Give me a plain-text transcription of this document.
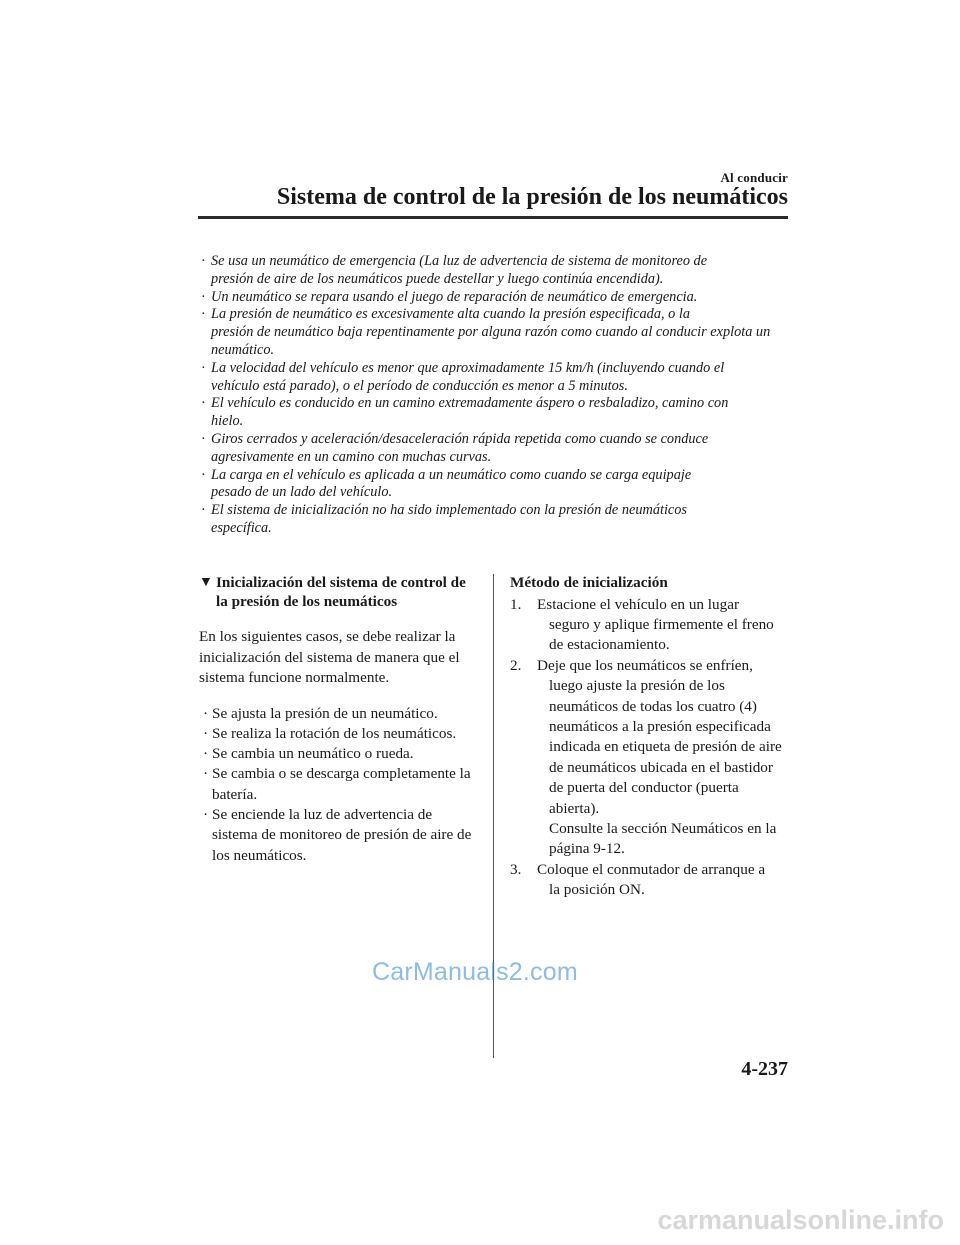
Al conducir
Sistema de control de la presión de los neumáticos
· Se usa un neumático de emergencia (La luz de advertencia de sistema de monitoreo de
presión de aire de los neumáticos puede destellar y luego continúa encendida).
· Un neumático se repara usando el juego de reparación de neumático de emergencia.
· La presión de neumático es excesivamente alta cuando la presión especificada, o la
presión de neumático baja repentinamente por alguna razón como cuando al conducir explota un neumático.
· La velocidad del vehículo es menor que aproximadamente 15 km/h (incluyendo cuando el
vehículo está parado), o el período de conducción es menor a 5 minutos.
· El vehículo es conducido en un camino extremadamente áspero o resbaladizo, camino con
hielo.
· Giros cerrados y aceleración/desaceleración rápida repetida como cuando se conduce
agresivamente en un camino con muchas curvas.
· La carga en el vehículo es aplicada a un neumático como cuando se carga equipaje
pesado de un lado del vehículo.
· El sistema de inicialización no ha sido implementado con la presión de neumáticos
específica.
▼ Inicialización del sistema de control de la presión de los neumáticos

En los siguientes casos, se debe realizar la inicialización del sistema de manera que el sistema funcione normalmente.

· Se ajusta la presión de un neumático.
· Se realiza la rotación de los neumáticos.
· Se cambia un neumático o rueda.
· Se cambia o se descarga completamente la batería.
· Se enciende la luz de advertencia de sistema de monitoreo de presión de aire de los neumáticos.
Método de inicialización
1.	Estacione el vehículo en un lugar
seguro y aplique firmemente el freno de estacionamiento.
2.	Deje que los neumáticos se enfríen,
luego ajuste la presión de los neumáticos de todas los cuatro (4) neumáticos a la presión especificada indicada en etiqueta de presión de aire de neumáticos ubicada en el bastidor de puerta del conductor (puerta abierta).
Consulte la sección Neumáticos en la página 9-12.
3.	Coloque el conmutador de arranque a
la posición ON.
CarManuals2.com
4-237
carmanualsonline.info
